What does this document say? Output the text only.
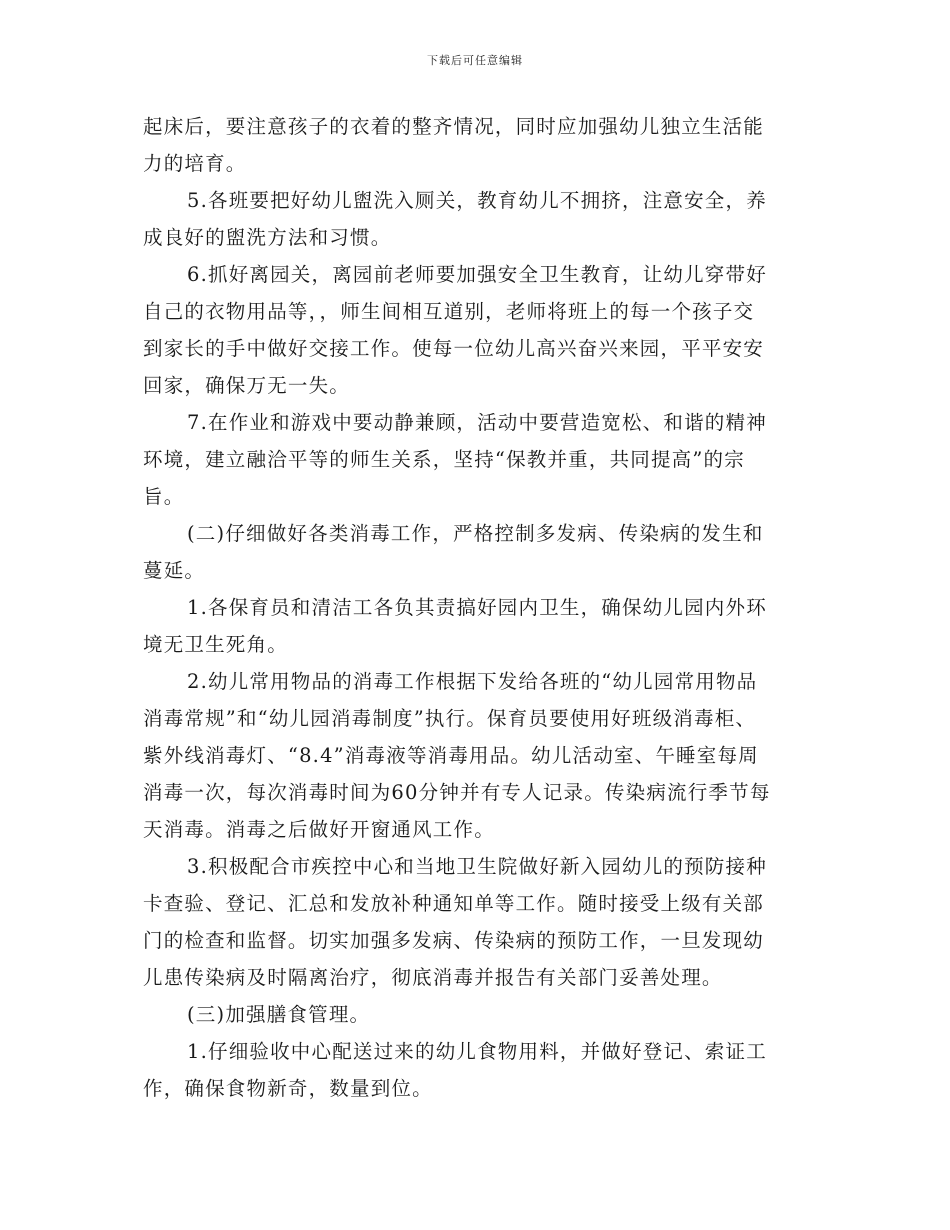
下载后可任意编辑
起床后，要注意孩子的衣着的整齐情况，同时应加强幼儿独立生活能
力的培育。
5.各班要把好幼儿盥洗入厕关，教育幼儿不拥挤，注意安全，养
成良好的盥洗方法和习惯。
6.抓好离园关，离园前老师要加强安全卫生教育，让幼儿穿带好
自己的衣物用品等，，师生间相互道别，老师将班上的每一个孩子交
到家长的手中做好交接工作。使每一位幼儿高兴奋兴来园，平平安安
回家，确保万无一失。
7.在作业和游戏中要动静兼顾，活动中要营造宽松、和谐的精神
环境，建立融洽平等的师生关系，坚持“保教并重，共同提高”的宗
旨。
(二)仔细做好各类消毒工作，严格控制多发病、传染病的发生和
蔓延。
1.各保育员和清洁工各负其责搞好园内卫生，确保幼儿园内外环
境无卫生死角。
2.幼儿常用物品的消毒工作根据下发给各班的“幼儿园常用物品
消毒常规”和“幼儿园消毒制度”执行。保育员要使用好班级消毒柜、
紫外线消毒灯、“8.4”消毒液等消毒用品。幼儿活动室、午睡室每周
消毒一次，每次消毒时间为60分钟并有专人记录。传染病流行季节每
天消毒。消毒之后做好开窗通风工作。
3.积极配合市疾控中心和当地卫生院做好新入园幼儿的预防接种
卡查验、登记、汇总和发放补种通知单等工作。随时接受上级有关部
门的检查和监督。切实加强多发病、传染病的预防工作，一旦发现幼
儿患传染病及时隔离治疗，彻底消毒并报告有关部门妥善处理。
(三)加强膳食管理。
1.仔细验收中心配送过来的幼儿食物用料，并做好登记、索证工
作，确保食物新奇，数量到位。
